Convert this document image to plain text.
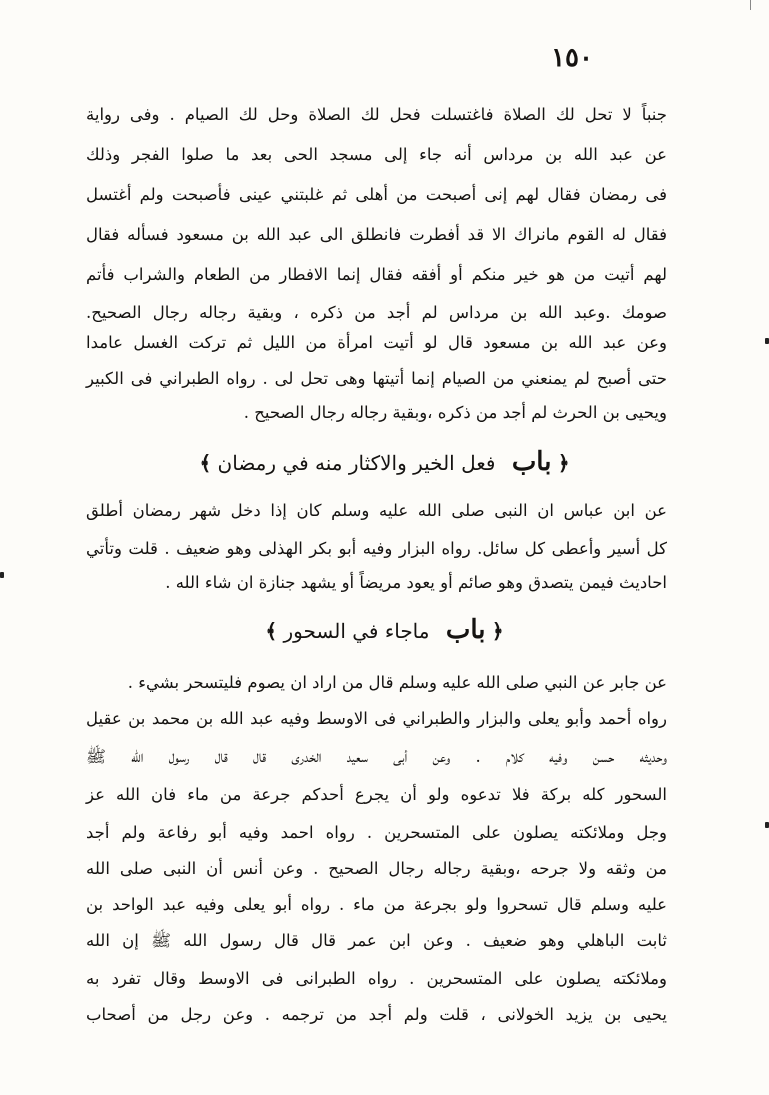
١٥٠
جنباً لا تحل لك الصلاة فاغتسلت فحل لك الصلاة وحل لك الصيام . وفى رواية
عن عبد الله بن مرداس أنه جاء إلى مسجد الحى بعد ما صلوا الفجر وذلك
فى رمضان فقال لهم إنى أصبحت من أهلى ثم غلبتني عينى فأصبحت ولم أغتسل
فقال له القوم مانراك الا قد أفطرت فانطلق الى عبد الله بن مسعود فسأله فقال
لهم أتيت من هو خير منكم أو أفقه فقال إنما الافطار من الطعام والشراب فأتم
صومك .وعبد الله بن مرداس لم أجد من ذكره ، وبقية رجاله رجال الصحيح.
وعن عبد الله بن مسعود قال لو أتيت امرأة من الليل ثم تركت الغسل عامدا
حتى أصبح لم يمنعني من الصيام إنما أتيتها وهى تحل لى . رواه الطبراني فى الكبير
ويحيى بن الحرث لم أجد من ذكره ،وبقية رجاله رجال الصحيح .
﴿ باب فعل الخير والاكثار منه في رمضان ﴾
عن ابن عباس ان النبى صلى الله عليه وسلم كان إذا دخل شهر رمضان أطلق
كل أسير وأعطى كل سائل. رواه البزار وفيه أبو بكر الهذلى وهو ضعيف . قلت وتأتي
احاديث فيمن يتصدق وهو صائم أو يعود مريضاً أو يشهد جنازة ان شاء الله .
﴿ باب ماجاء في السحور ﴾
عن جابر عن النبي صلى الله عليه وسلم قال من اراد ان يصوم فليتسحر بشيء .
رواه أحمد وأبو يعلى والبزار والطبراني فى الاوسط وفيه عبد الله بن محمد بن عقيل
وحديثه حسن وفيه كلام . وعن أبى سعيد الخدرى قال قال رسول الله ﷺ
السحور كله بركة فلا تدعوه ولو أن يجرع أحدكم جرعة من ماء فان الله عز
وجل وملائكته يصلون على المتسحرين . رواه احمد وفيه أبو رفاعة ولم أجد
من وثقه ولا جرحه ،وبقية رجاله رجال الصحيح . وعن أنس أن النبى صلى الله
عليه وسلم قال تسحروا ولو بجرعة من ماء . رواه أبو يعلى وفيه عبد الواحد بن
ثابت الباهلي وهو ضعيف . وعن ابن عمر قال قال رسول الله ﷺ إن الله
وملائكته يصلون على المتسحرين . رواه الطبرانى فى الاوسط وقال تفرد به
يحيى بن يزيد الخولانى ، قلت ولم أجد من ترجمه . وعن رجل من أصحاب
